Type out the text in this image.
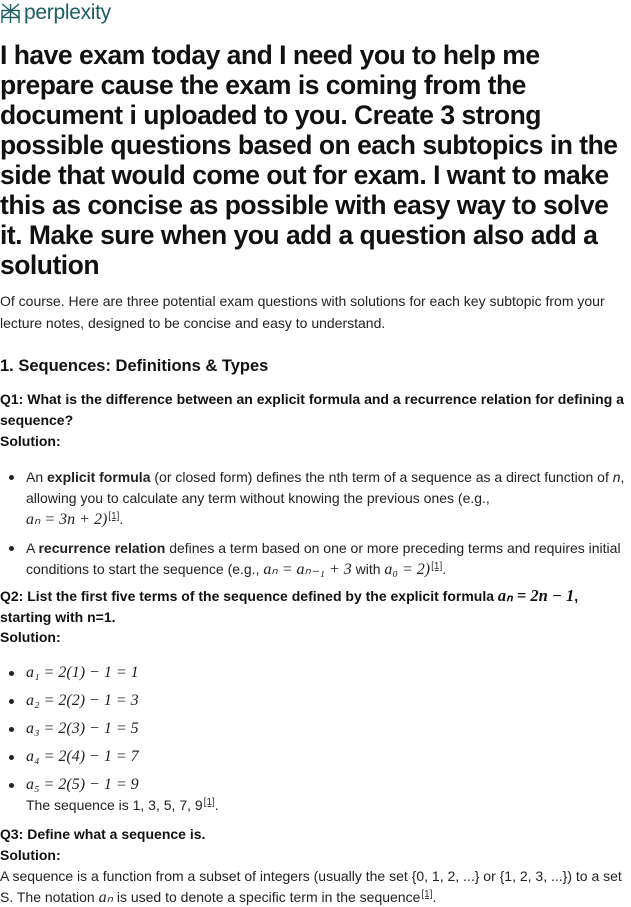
perplexity
I have exam today and I need you to help me prepare cause the exam is coming from the document i uploaded to you. Create 3 strong possible questions based on each subtopics in the side that would come out for exam. I want to make this as concise as possible with easy way to solve it. Make sure when you add a question also add a solution

Of course. Here are three potential exam questions with solutions for each key subtopic from your lecture notes, designed to be concise and easy to understand.

1. Sequences: Definitions & Types

Q1: What is the difference between an explicit formula and a recurrence relation for defining a sequence?

Solution:

An explicit formula (or closed form) defines the nth term of a sequence as a direct function of n, allowing you to calculate any term without knowing the previous ones (e.g.,
aₙ = 3n + 2)[1].
A recurrence relation defines a term based on one or more preceding terms and requires initial conditions to start the sequence (e.g., aₙ = aₙ₋₁ + 3 with a₀ = 2)[1].

Q2: List the first five terms of the sequence defined by the explicit formula aₙ = 2n − 1,
starting with n=1.

Solution:

a₁ = 2(1) − 1 = 1
a₂ = 2(2) − 1 = 3
a₃ = 2(3) − 1 = 5
a₄ = 2(4) − 1 = 7
a₅ = 2(5) − 1 = 9
The sequence is 1, 3, 5, 7, 9[1].

Q3: Define what a sequence is.

Solution:

A sequence is a function from a subset of integers (usually the set {0, 1, 2, ...} or {1, 2, 3, ...}) to a set S. The notation aₙ is used to denote a specific term in the sequence[1].
